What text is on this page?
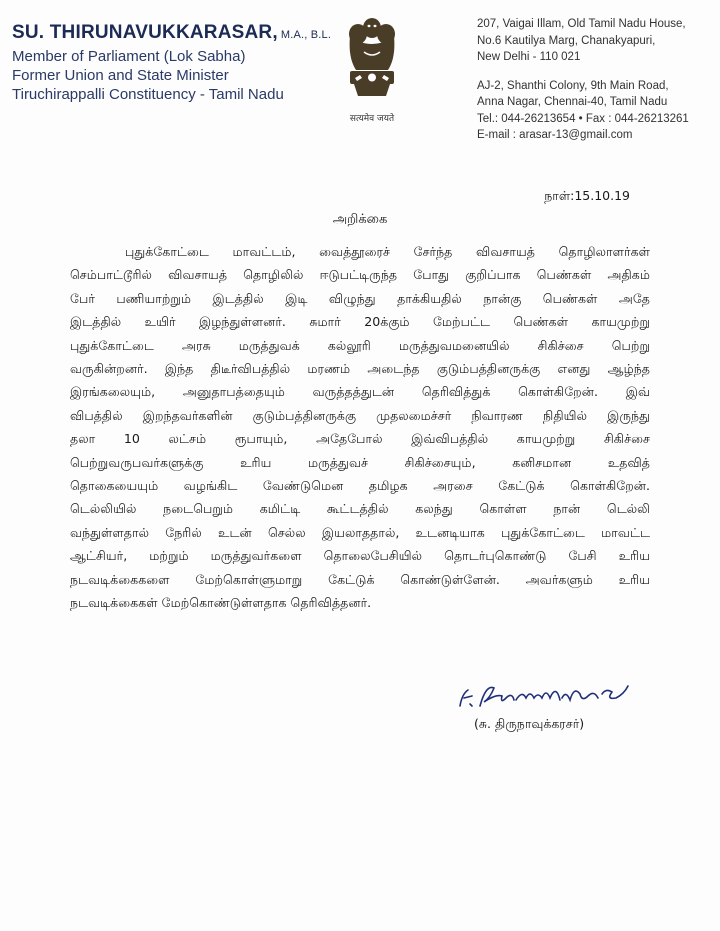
SU. THIRUNAVUKKARASAR, M.A., B.L.
Member of Parliament (Lok Sabha)
Former Union and State Minister
Tiruchirappalli Constituency - Tamil Nadu
सत्यमेव जयते
207, Vaigai Illam, Old Tamil Nadu House,
No.6 Kautilya Marg, Chanakyapuri,
New Delhi - 110 021
AJ-2, Shanthi Colony, 9th Main Road,
Anna Nagar, Chennai-40, Tamil Nadu
Tel.: 044-26213654 • Fax : 044-26213261
E-mail : arasar-13@gmail.com
நாள்:15.10.19
அறிக்கை
புதுக்கோட்டை மாவட்டம், வைத்தூரைச் சேர்ந்த விவசாயத் தொழிலாளர்கள்
செம்பாட்டூரில் விவசாயத் தொழிலில் ஈடுபட்டிருந்த போது குறிப்பாக பெண்கள் அதிகம்
பேர் பணியாற்றும் இடத்தில் இடி விழுந்து தாக்கியதில் நான்கு பெண்கள் அதே
இடத்தில் உயிர் இழந்துள்ளனர். சுமார் 20க்கும் மேற்பட்ட பெண்கள் காயமுற்று
புதுக்கோட்டை அரசு மருத்துவக் கல்லூரி மருத்துவமனையில் சிகிச்சை பெற்று
வருகின்றனர். இந்த திடீர்விபத்தில் மரணம் அடைந்த குடும்பத்தினருக்கு எனது ஆழ்ந்த
இரங்கலையும், அனுதாபத்தையும் வருத்தத்துடன் தெரிவித்துக் கொள்கிறேன். இவ்
விபத்தில் இறந்தவர்களின் குடும்பத்தினருக்கு முதலமைச்சர் நிவாரண நிதியில் இருந்து
தலா 10 லட்சம் ரூபாயும், அதேபோல் இவ்விபத்தில் காயமுற்று சிகிச்சை
பெற்றுவருபவர்களுக்கு உரிய மருத்துவச் சிகிச்சையும், கனிசமான உதவித்
தொகையையும் வழங்கிட வேண்டுமென தமிழக அரசை கேட்டுக் கொள்கிறேன்.
டெல்லியில் நடைபெறும் கமிட்டி கூட்டத்தில் கலந்து கொள்ள நான் டெல்லி
வந்துள்ளதால் நேரில் உடன் செல்ல இயலாததால், உடனடியாக புதுக்கோட்டை மாவட்ட
ஆட்சியர், மற்றும் மருத்துவர்களை தொலைபேசியில் தொடர்புகொண்டு பேசி உரிய
நடவடிக்கைகளை மேற்கொள்ளுமாறு கேட்டுக் கொண்டுள்ளேன். அவர்களும் உரிய
நடவடிக்கைகள் மேற்கொண்டுள்ளதாக தெரிவித்தனர்.
(சு. திருநாவுக்கரசர்)
